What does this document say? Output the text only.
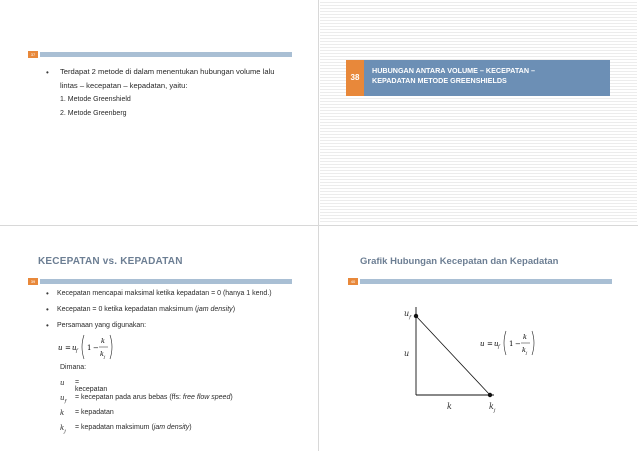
37
• Terdapat 2 metode di dalam menentukan hubungan volume lalu
lintas – kecepatan – kepadatan, yaitu:
1. Metode Greenshield
2. Metode Greenberg
38
HUBUNGAN ANTARA VOLUME – KECEPATAN –
KEPADATAN METODE GREENSHIELDS
KECEPATAN vs. KEPADATAN
39
• Kecepatan mencapai maksimal ketika kepadatan = 0 (hanya 1 kend.)
• Kecepatan = 0 ketika kepadatan maksimum (jam density)
• Persamaan yang digunakan:
u = u f 1 −
k
k j
Dimana:
u = kecepatan
$u_f$
= kecepatan pada arus bebas (ffs: free flow speed)
k = kepadatan
$k_j$
= kepadatan maksimum (jam density)
Grafik Hubungan Kecepatan dan Kepadatan
40
$u_f$
u
k	$k_j$
u = u f 1 −
k
k j
